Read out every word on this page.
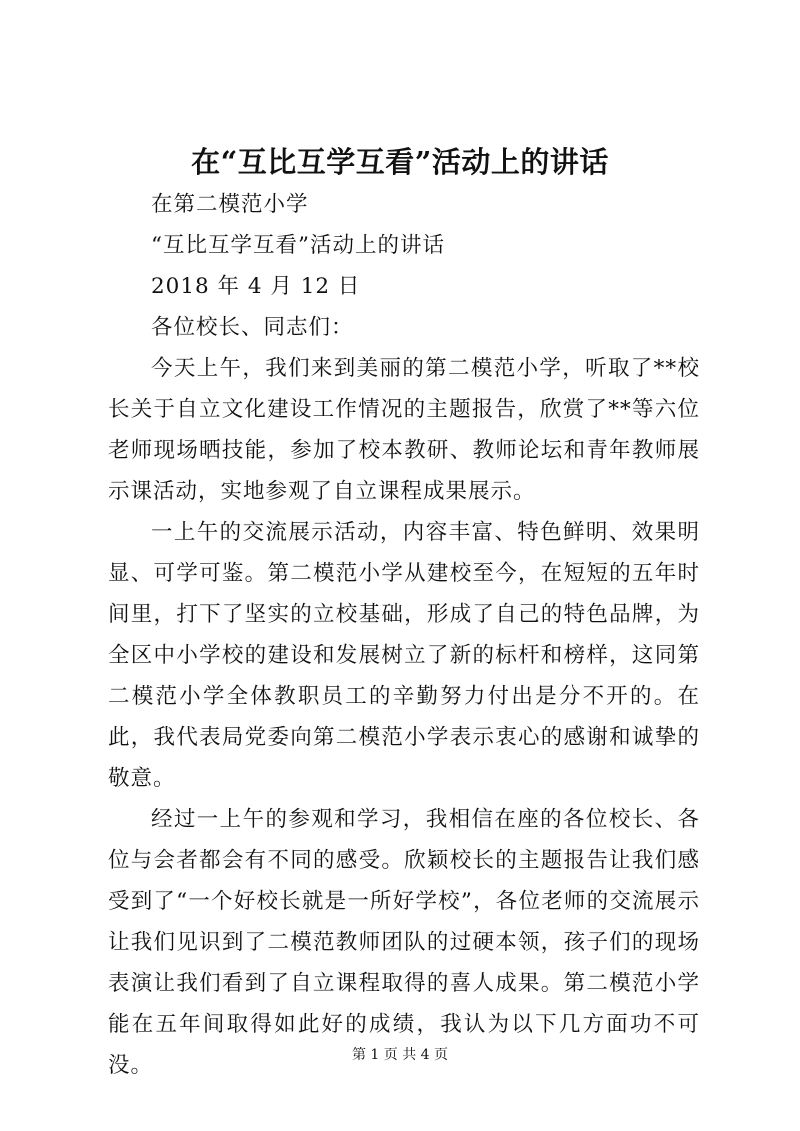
在“互比互学互看”活动上的讲话

在第二模范小学

“互比互学互看”活动上的讲话

2018 年 4 月 12 日

各位校长、同志们：

今天上午，我们来到美丽的第二模范小学，听取了**校长关于自立文化建设工作情况的主题报告，欣赏了**等六位老师现场晒技能，参加了校本教研、教师论坛和青年教师展示课活动，实地参观了自立课程成果展示。

一上午的交流展示活动，内容丰富、特色鲜明、效果明显、可学可鉴。第二模范小学从建校至今，在短短的五年时间里，打下了坚实的立校基础，形成了自己的特色品牌，为全区中小学校的建设和发展树立了新的标杆和榜样，这同第二模范小学全体教职员工的辛勤努力付出是分不开的。在此，我代表局党委向第二模范小学表示衷心的感谢和诚挚的敬意。

经过一上午的参观和学习，我相信在座的各位校长、各位与会者都会有不同的感受。欣颖校长的主题报告让我们感受到了“一个好校长就是一所好学校”，各位老师的交流展示让我们见识到了二模范教师团队的过硬本领，孩子们的现场表演让我们看到了自立课程取得的喜人成果。第二模范小学能在五年间取得如此好的成绩，我认为以下几方面功不可没。	第 1 页 共 4 页
